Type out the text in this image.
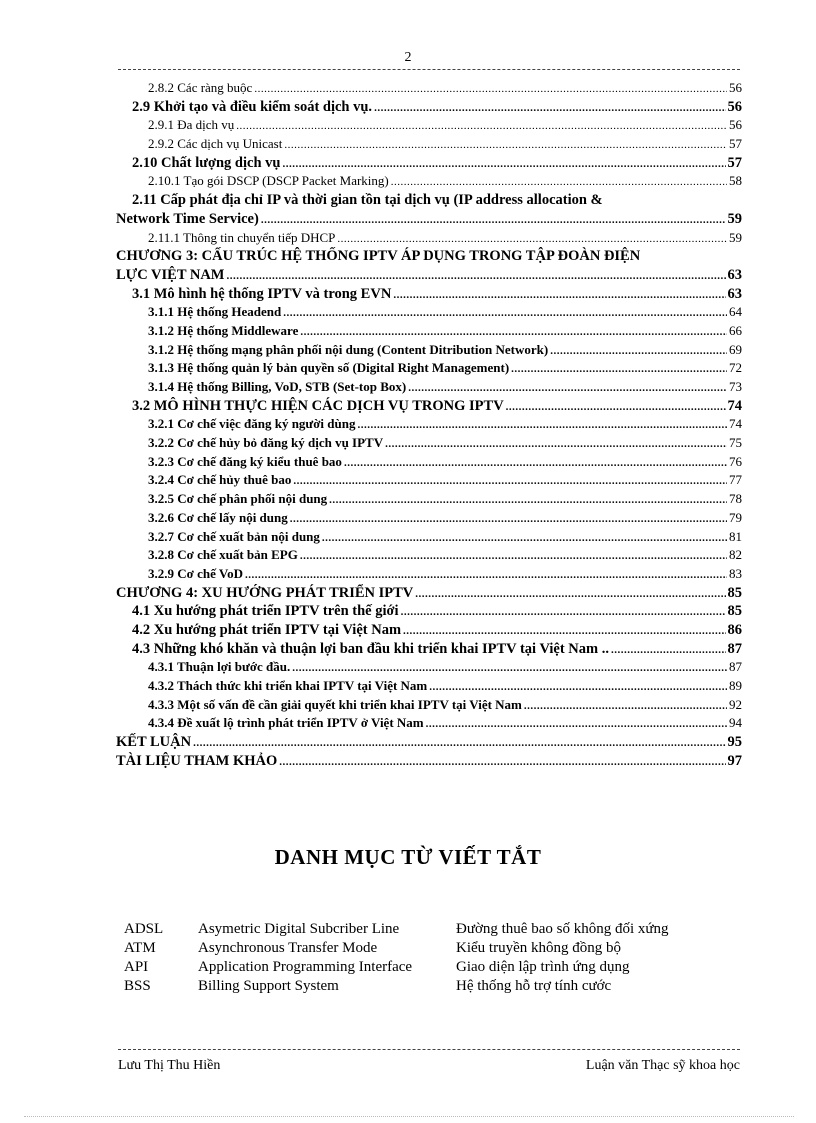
2
2.8.2 Các ràng buộc .....	56
2.9 Khởi tạo và điều kiểm soát dịch vụ. .....	56
2.9.1 Đa dịch vụ .....	56
2.9.2 Các dịch vụ Unicast .....	57
2.10 Chất lượng dịch vụ .....	57
2.10.1 Tạo gói DSCP (DSCP Packet Marking) .....	58
2.11 Cấp phát địa chỉ IP và thời gian tồn tại dịch vụ (IP address allocation &
Network Time Service) .....	59
2.11.1 Thông tin chuyển tiếp DHCP .....	59
CHƯƠNG 3: CẤU TRÚC HỆ THỐNG IPTV ÁP DỤNG TRONG TẬP ĐOÀN ĐIỆN
LỰC VIỆT NAM .....	63
3.1 Mô hình hệ thống IPTV và trong EVN .....	63
3.1.1 Hệ thống Headend .....	64
3.1.2 Hệ thống Middleware .....	66
3.1.2 Hệ thống mạng phân phối nội dung (Content Ditribution Network) .....	69
3.1.3 Hệ thống quản lý bản quyền số (Digital Right Management) .....	72
3.1.4 Hệ thống Billing, VoD, STB (Set-top Box) .....	73
3.2 MÔ HÌNH THỰC HIỆN CÁC DỊCH VỤ TRONG IPTV .....	74
3.2.1 Cơ chế việc đăng ký người dùng .....	74
3.2.2 Cơ chế hủy bỏ đăng ký dịch vụ IPTV .....	75
3.2.3 Cơ chế đăng ký kiểu thuê bao .....	76
3.2.4 Cơ chế hủy thuê bao .....	77
3.2.5 Cơ chế phân phối nội dung .....	78
3.2.6 Cơ chế lấy nội dung .....	79
3.2.7 Cơ chế xuất bản nội dung .....	81
3.2.8 Cơ chế xuất bản EPG .....	82
3.2.9 Cơ chế VoD .....	83
CHƯƠNG 4: XU HƯỚNG PHÁT TRIỂN IPTV .....	85
4.1 Xu hướng phát triển IPTV trên thế giới .....	85
4.2 Xu hướng phát triển IPTV tại Việt Nam .....	86
4.3 Những khó khăn và thuận lợi ban đầu khi triển khai IPTV tại Việt Nam .. .....	87
4.3.1 Thuận lợi bước đầu. .....	87
4.3.2 Thách thức khi triển khai IPTV tại Việt Nam .....	89
4.3.3 Một số vấn đề cần giải quyết khi triển khai IPTV tại Việt Nam .....	92
4.3.4 Đề xuất lộ trình phát triển IPTV ở Việt Nam .....	94
KẾT LUẬN .....	95
TÀI LIỆU THAM KHẢO .....	97
DANH MỤC TỪ VIẾT TẮT
ADSL	Asymetric Digital Subcriber Line	Đường thuê bao số không đối xứng
ATM	Asynchronous Transfer Mode	Kiểu truyền không đồng bộ
API	Application Programming Interface	Giao diện lập trình ứng dụng
BSS	Billing Support System	Hệ thống hỗ trợ tính cước
Lưu Thị Thu Hiền	Luận văn Thạc sỹ khoa học
